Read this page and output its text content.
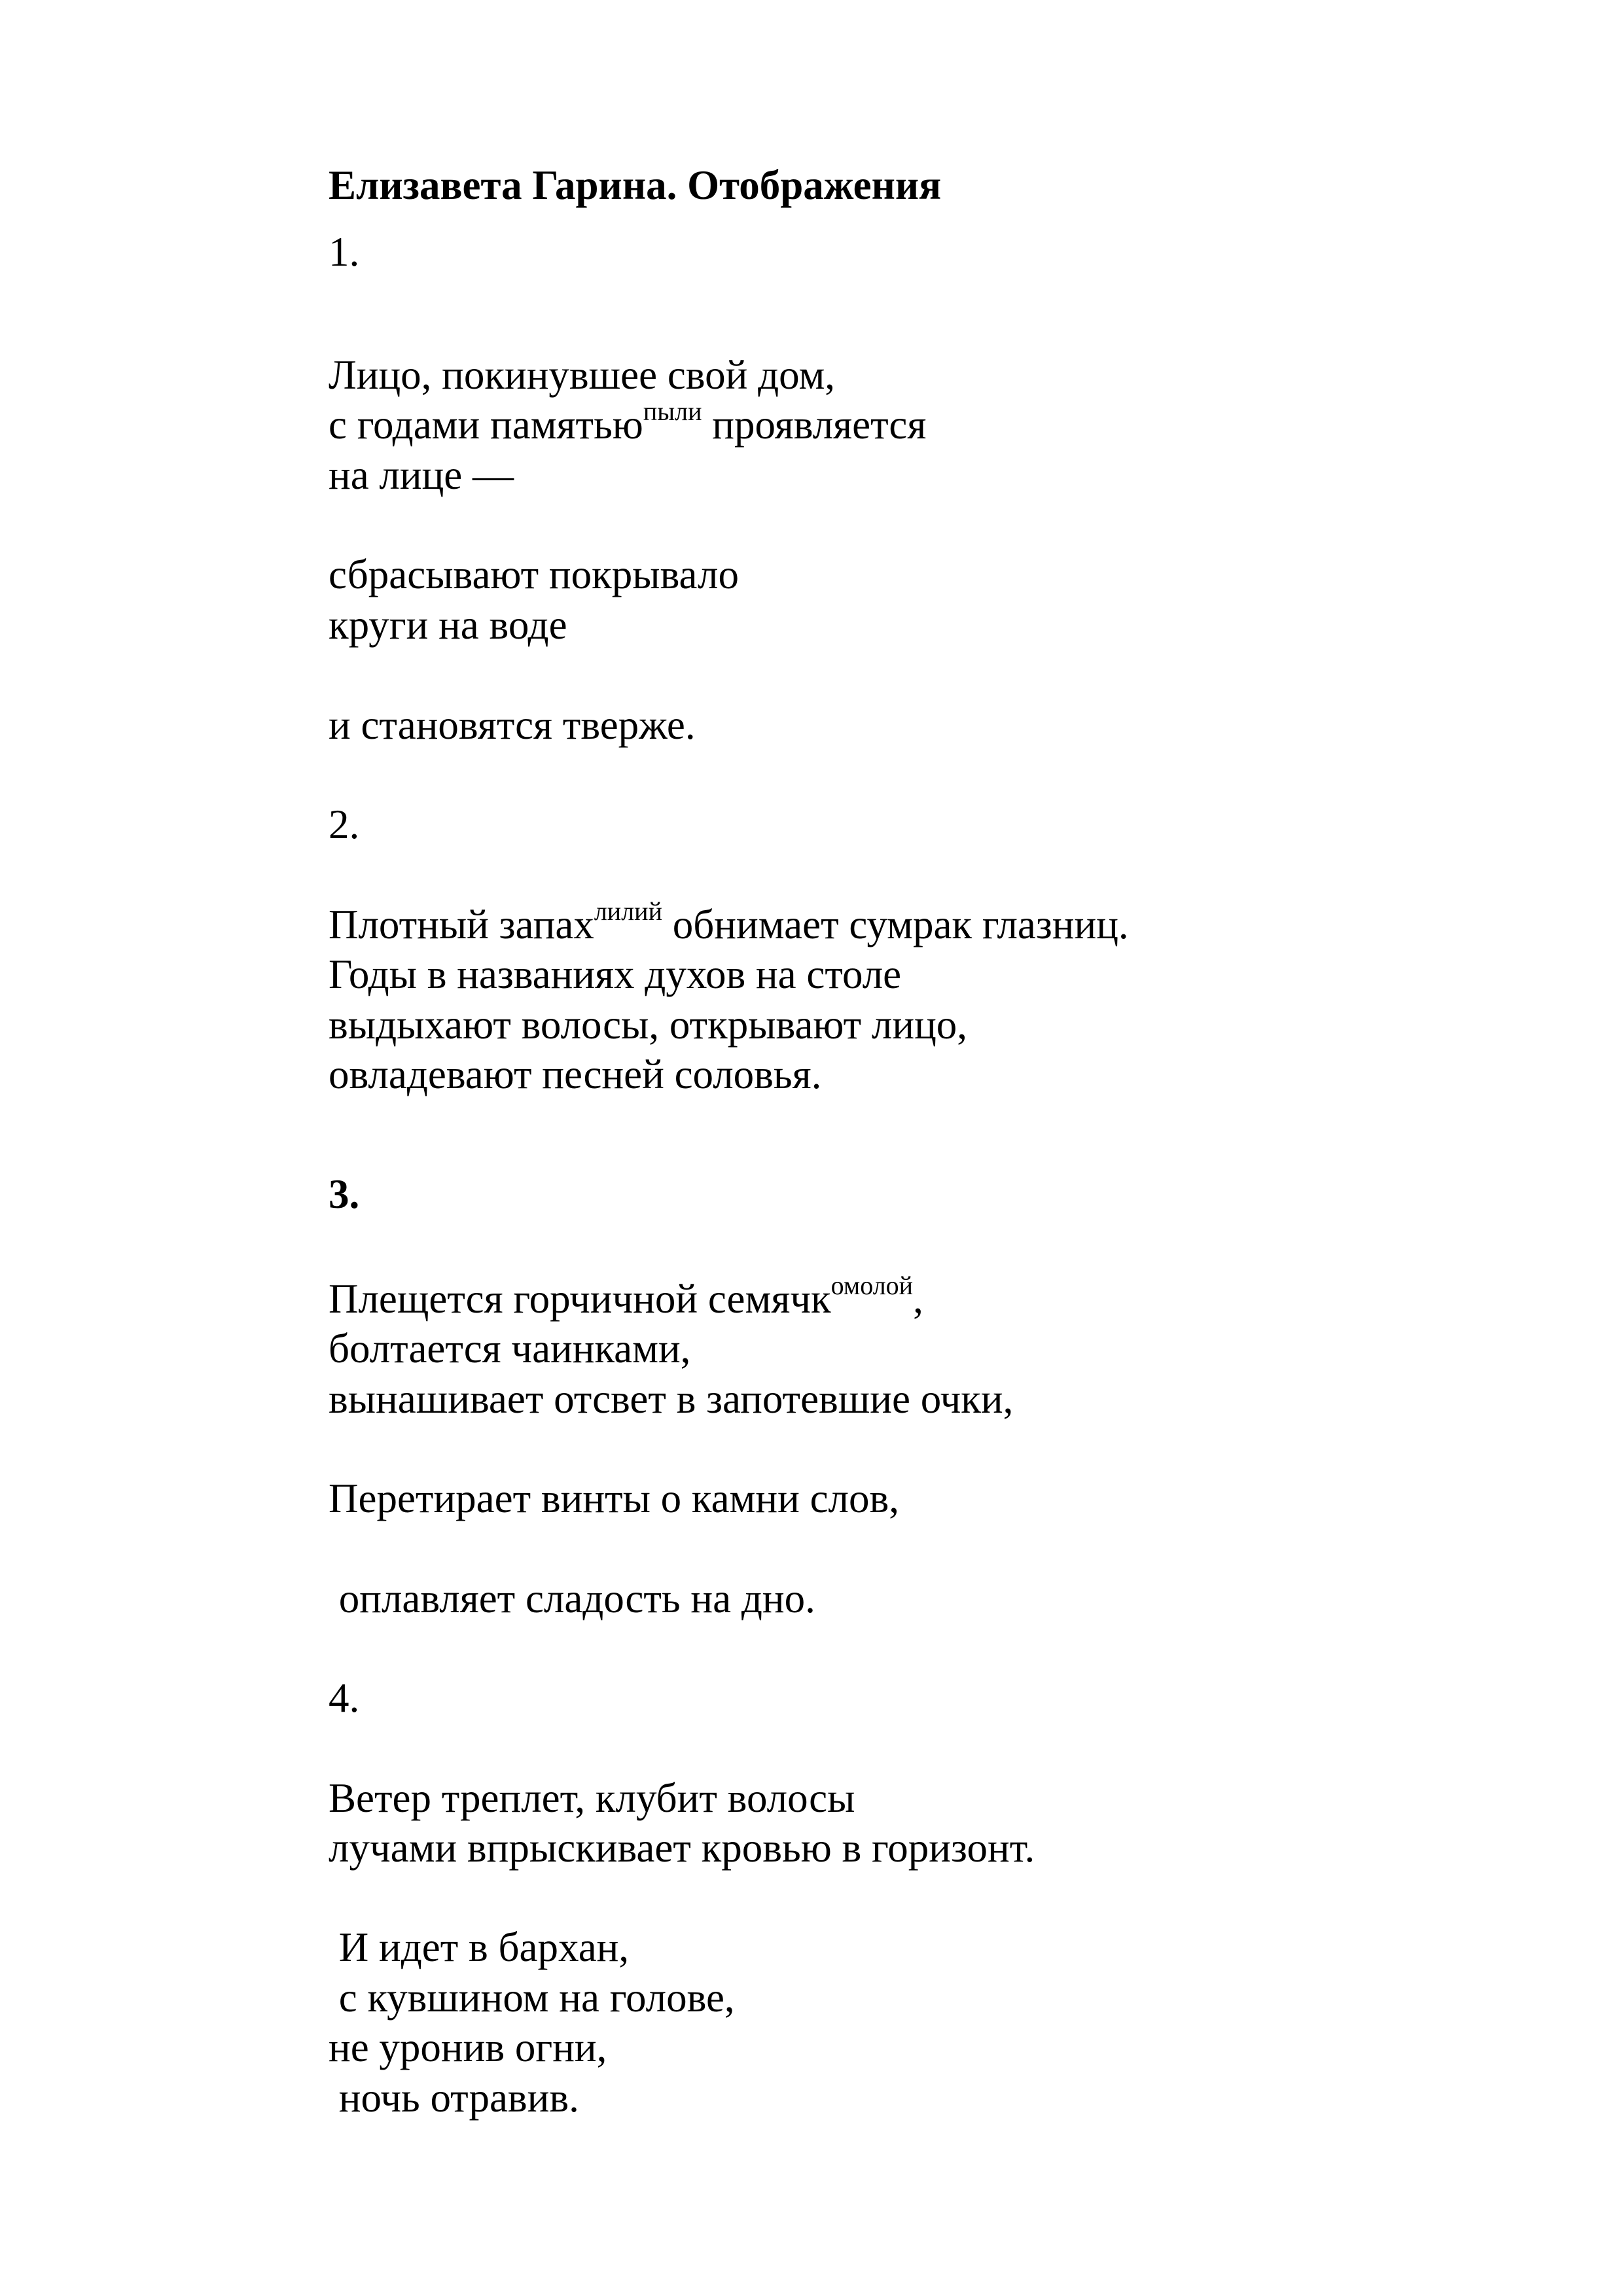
Елизавета Гарина. Отображения

1.

Лицо, покинувшее свой дом,

с годами памятью$^{пыли}$ проявляется

на лице —

сбрасывают покрывало

круги на воде

и становятся тверже.

2.

Плотный запах$^{лилий}$ обнимает сумрак глазниц.

Годы в названиях духов на столе

выдыхают волосы, открывают лицо,

овладевают песней соловья.

3.

Плещется горчичной семячк$^{омолой}$,

болтается чаинками,

вынашивает отсвет в запотевшие очки,

Перетирает винты о камни слов,

оплавляет сладость на дно.

4.

Ветер треплет, клубит волосы

лучами впрыскивает кровью в горизонт.

И идет в бархан,

с кувшином на голове,

не уронив огни,

ночь отравив.
